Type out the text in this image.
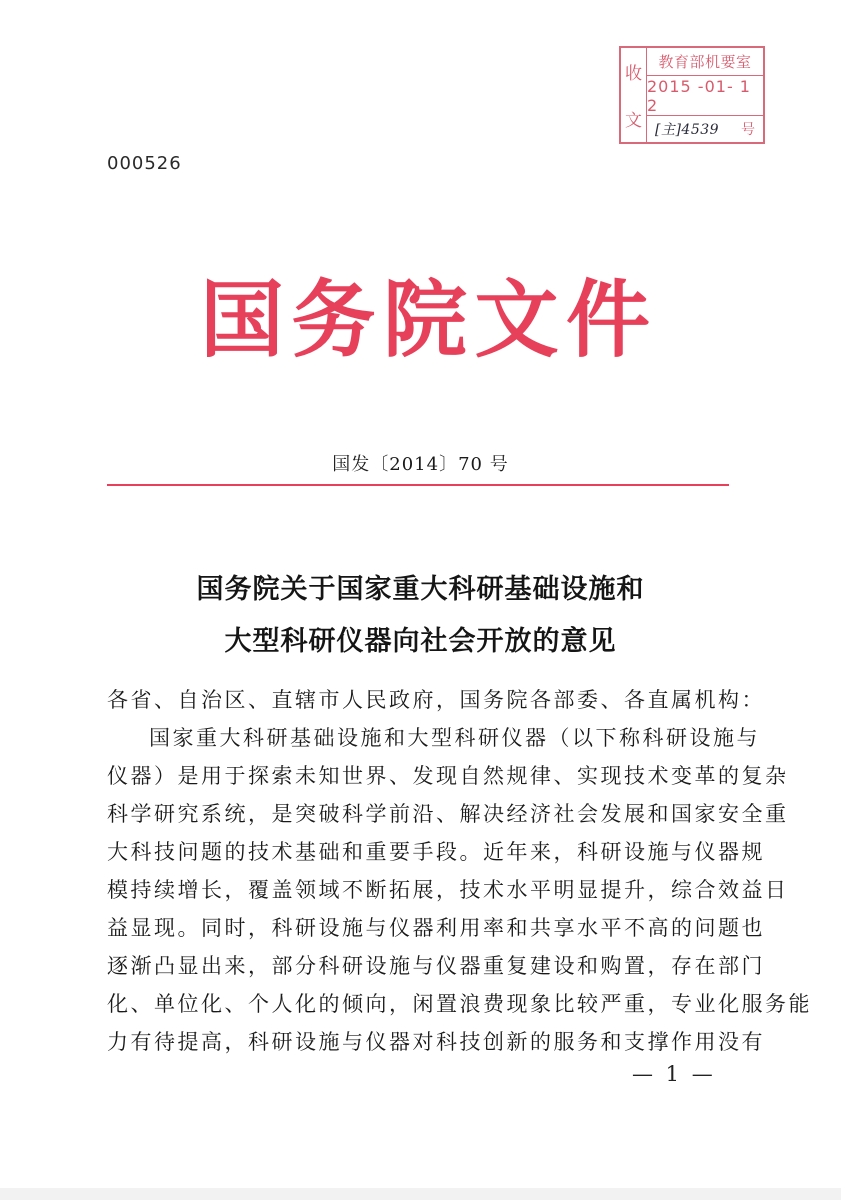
收
文
教育部机要室
2015 -01- 1 2
[主]4539 号
000526
国 务 院 文 件
国发〔2014〕70 号
国务院关于国家重大科研基础设施和
大型科研仪器向社会开放的意见
各省、自治区、直辖市人民政府，国务院各部委、各直属机构：
国家重大科研基础设施和大型科研仪器（以下称科研设施与
仪器）是用于探索未知世界、发现自然规律、实现技术变革的复杂
科学研究系统，是突破科学前沿、解决经济社会发展和国家安全重
大科技问题的技术基础和重要手段。近年来，科研设施与仪器规
模持续增长，覆盖领域不断拓展，技术水平明显提升，综合效益日
益显现。同时，科研设施与仪器利用率和共享水平不高的问题也
逐渐凸显出来，部分科研设施与仪器重复建设和购置，存在部门
化、单位化、个人化的倾向，闲置浪费现象比较严重，专业化服务能
力有待提高，科研设施与仪器对科技创新的服务和支撑作用没有
— 1 —
